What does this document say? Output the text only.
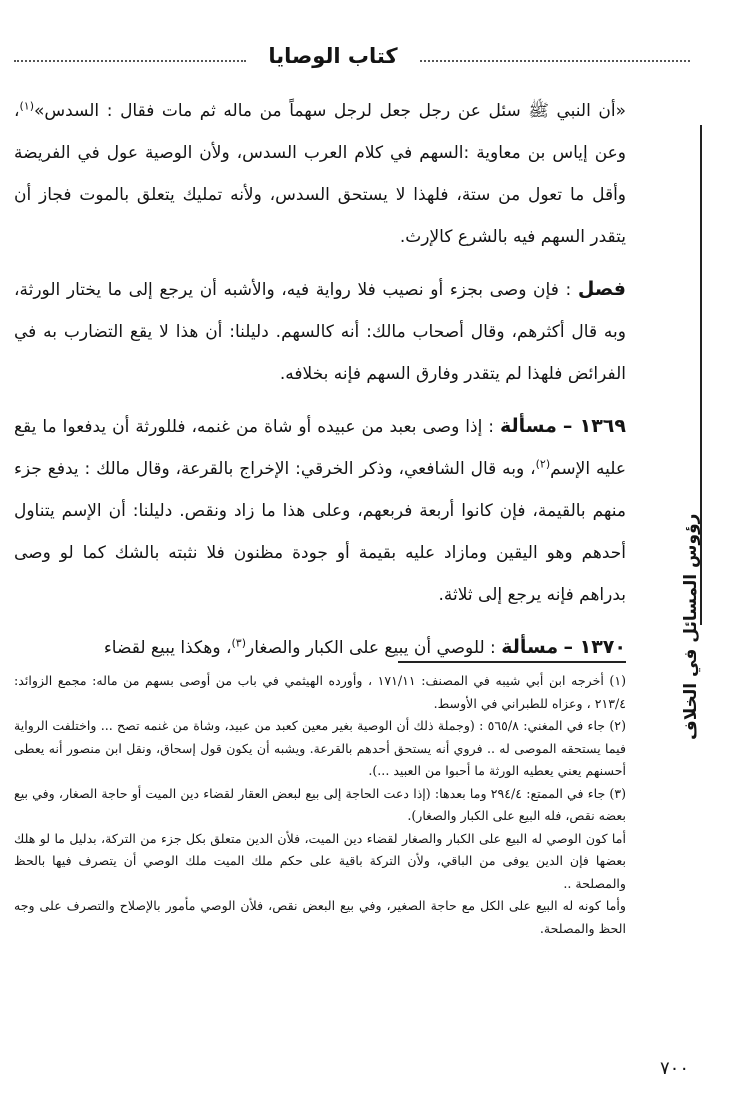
كتاب الوصايا
رؤوس المسائل في الخلاف

«أن النبي ﷺ سئل عن رجل جعل لرجل سهماً من ماله ثم مات فقال : السدس»$^{(١)}$، وعن إياس بن معاوية :السهم في كلام العرب السدس، ولأن الوصية عول في الفريضة وأقل ما تعول من ستة، فلهذا لا يستحق السدس، ولأنه تمليك يتعلق بالموت فجاز أن يتقدر السهم فيه بالشرع كالإرث.

فصل : فإن وصى بجزء أو نصيب فلا رواية فيه، والأشبه أن يرجع إلى ما يختار الورثة، وبه قال أكثرهم، وقال أصحاب مالك: أنه كالسهم. دليلنا: أن هذا لا يقع التضارب به في الفرائض فلهذا لم يتقدر وفارق السهم فإنه بخلافه.

١٣٦٩ – مسألة : إذا وصى بعبد من عبيده أو شاة من غنمه، فللورثة أن يدفعوا ما يقع عليه الإسم$^{(٢)}$، وبه قال الشافعي، وذكر الخرقي: الإخراج بالقرعة، وقال مالك : يدفع جزء منهم بالقيمة، فإن كانوا أربعة فربعهم، وعلى هذا ما زاد ونقص. دليلنا: أن الإسم يتناول أحدهم وهو اليقين ومازاد عليه بقيمة أو جودة مظنون فلا نثبته بالشك كما لو وصى بدراهم فإنه يرجع إلى ثلاثة.

١٣٧٠ – مسألة : للوصي أن يبيع على الكبار والصغار$^{(٣)}$، وهكذا يبيع لقضاء

(١) أخرجه ابن أبي شيبه في المصنف: ١٧١/١١ ، وأورده الهيثمي في باب من أوصى بسهم من ماله: مجمع الزوائد: ٢١٣/٤ ، وعزاه للطبراني في الأوسط.

(٢) جاء في المغني: ٥٦٥/٨ : (وجملة ذلك أن الوصية بغير معين كعبد من عبيد، وشاة من غنمه تصح ... واختلفت الرواية فيما يستحقه الموصى له .. فروي أنه يستحق أحدهم بالقرعة. ويشبه أن يكون قول إسحاق، ونقل ابن منصور أنه يعطى أحسنهم يعني يعطيه الورثة ما أحبوا من العبيد ...).

(٣) جاء في الممتع: ٢٩٤/٤ وما بعدها: (إذا دعت الحاجة إلى بيع لبعض العقار لقضاء دين الميت أو حاجة الصغار، وفي بيع بعضه نقص، فله البيع على الكبار والصغار).

أما كون الوصي له البيع على الكبار والصغار لقضاء دين الميت، فلأن الدين متعلق بكل جزء من التركة، بدليل ما لو هلك بعضها فإن الدين يوفى من الباقي، ولأن التركة باقية على حكم ملك الميت ملك الوصي أن يتصرف فيها بالحظ والمصلحة ..

وأما كونه له البيع على الكل مع حاجة الصغير، وفي بيع البعض نقص، فلأن الوصي مأمور بالإصلاح والتصرف على وجه الحظ والمصلحة.

٧٠٠
